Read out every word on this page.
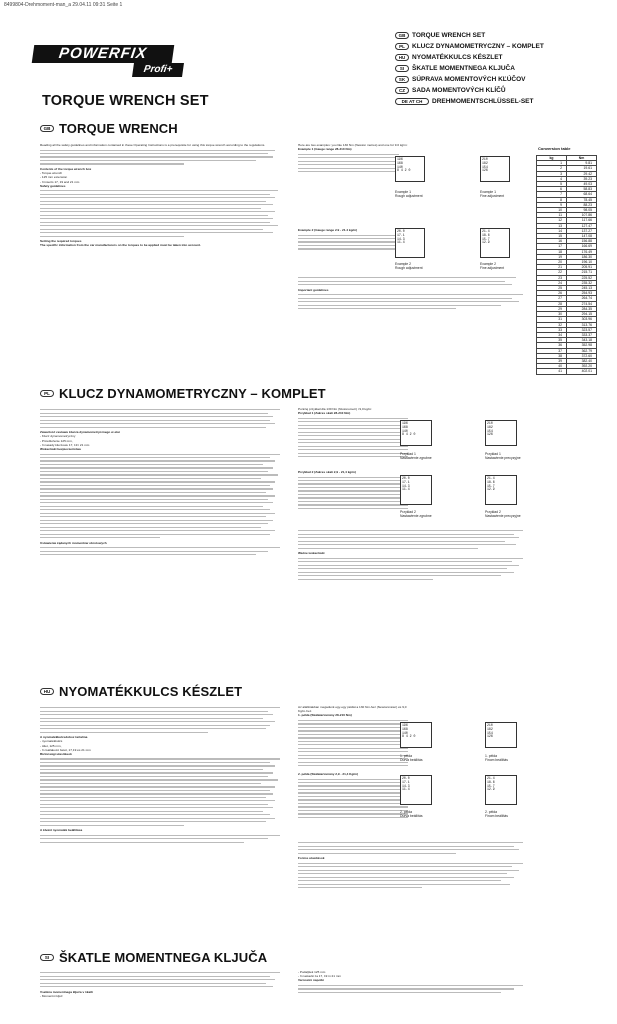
8499804-Drehmoment-man_a 29.04.11 09:31 Seite 1
POWERFIX
Profi+
TORQUE WRENCH SET
GB	TORQUE WRENCH SET
PL	KLUCZ DYNAMOMETRYCZNY – KOMPLET
HU	NYOMATÉKKULCS KÉSZLET
SI	ŠKATLE MOMENTNEGA KLJUČA
SK	SÚPRAVA MOMENTOVÝCH KĽÚČOV
CZ	SADA MOMENTOVÝCH KLÍČŮ
DE AT CH	DREHMOMENTSCHLÜSSEL-SET
GB TORQUE WRENCH
Reading all the safety guidelines and information contained in these Operating Instructions is a prerequisite for using this torque wrench according to the regulations.
Contents of the torque wrench box
- Torque wrench
- 125 mm extension
- 3 inserts 17, 19 and 21 mm
Safety guidelines
Setting the required torques
The specific information from the car manufacturers on the torques to be applied must be taken into account.
Here are two examples: you like 130 Nm (Newton metres) and one for 9.0 kg/m:
Example 1 (Gauge range 28-210 Nm)
196
168
140
8 4 2 0
210
182
154
126
Example 1
Rough adjustment
Example 1
Fine adjustment
Example 2 (Gauge range 2.9 - 21.4 kg/m)	20.0
17.1
14.3
11.4
21.4
18.6
15.7
12.9
Example 2
Rough adjustment
Example 2
Fine adjustment
Important guidelines
Conversion table
kg	Nm
1	9.81
2	19.61
3	29.42
4	39.23
5	49.03
6	58.83
7	68.64
8	78.45
9	88.23
10	98.05
11	107.86
12	117.66
13	127.47
14	137.27
15	147.08
16	156.88
17	166.69
18	176.49
19	186.30
20	196.10
21	205.91
22	215.71
23	225.52
24	235.32
25	245.13
26	254.93
27	264.74
28	274.54
29	284.35
30	294.15
31	303.96
32	313.76
33	323.57
34	333.37
35	343.18
36	352.98
37	362.79
38	372.60
39	382.40
40	392.20
41	402.01
PL KLUCZ DYNAMOMETRYCZNY – KOMPLET
Zawartość zestawu klucza dynamometrycznego w etui
- Klucz dynamometryczny
- Przedłużenie 125 mm,
- 3 nasady kluczowe 17, 19 i 21 mm
Wskazówki bezpieczeństwa
Ustawienie żądanych momentów obrotowych
Poniżej przykład dla 130 Nm (Niutonometr) i 9,0 kg/m:
Przykład 1 (Zakres skali 28-210 Nm)
196
168
140
8 4 2 0
210
182
154
126
Przykład 1
Nastawienie zgrubne
Przykład 1
Nastawienie precyzyjne
Przykład 2 (Zakres skali 2,9 - 21,4 kg/m)
20.0
17.1
14.3
11.4
21.4
18.6
15.7
12.9
Przykład 2
Nastawienie zgrubne
Przykład 2
Nastawienie precyzyjne
Ważne wskazówki
HU NYOMATÉKKULCS KÉSZLET
A nyomatékkulcsdoboz tartalma
- nyomatékkulcs
- ötlet, 125 mm,
- 3 csatlakozó betét, 17,19 és 21 mm
Biztonsági utasítások
A kívánt nyomaték beállítása
Az alábbiakban megadunk egy-egy példát a 130 Nm-hez (Newtonméter) és 9,0 Kg/m-hez.
1. példa (Skálatartomány 28-210 Nm)
196
168
140
8 4 2 0
210
182
154
126
1. példa
Durva beállítás
1. példa
Finom beállítás
2. példa (Skálatartomány 2,9 - 21,4 Kg/m)
20.0
17.1
14.3
11.4
21.4
18.6
15.7
12.9
2. példa
Durva beállítás
2. példa
Finom beállítás
Fontos utasítások
SI ŠKATLE MOMENTNEGA KLJUČA
Vsebina momentnega ključa v škatli
- Momentni ključ
- Podaljšek 125 mm
- 3 nastavki za 17, 19 in 21 mm
Varnostni napotki
